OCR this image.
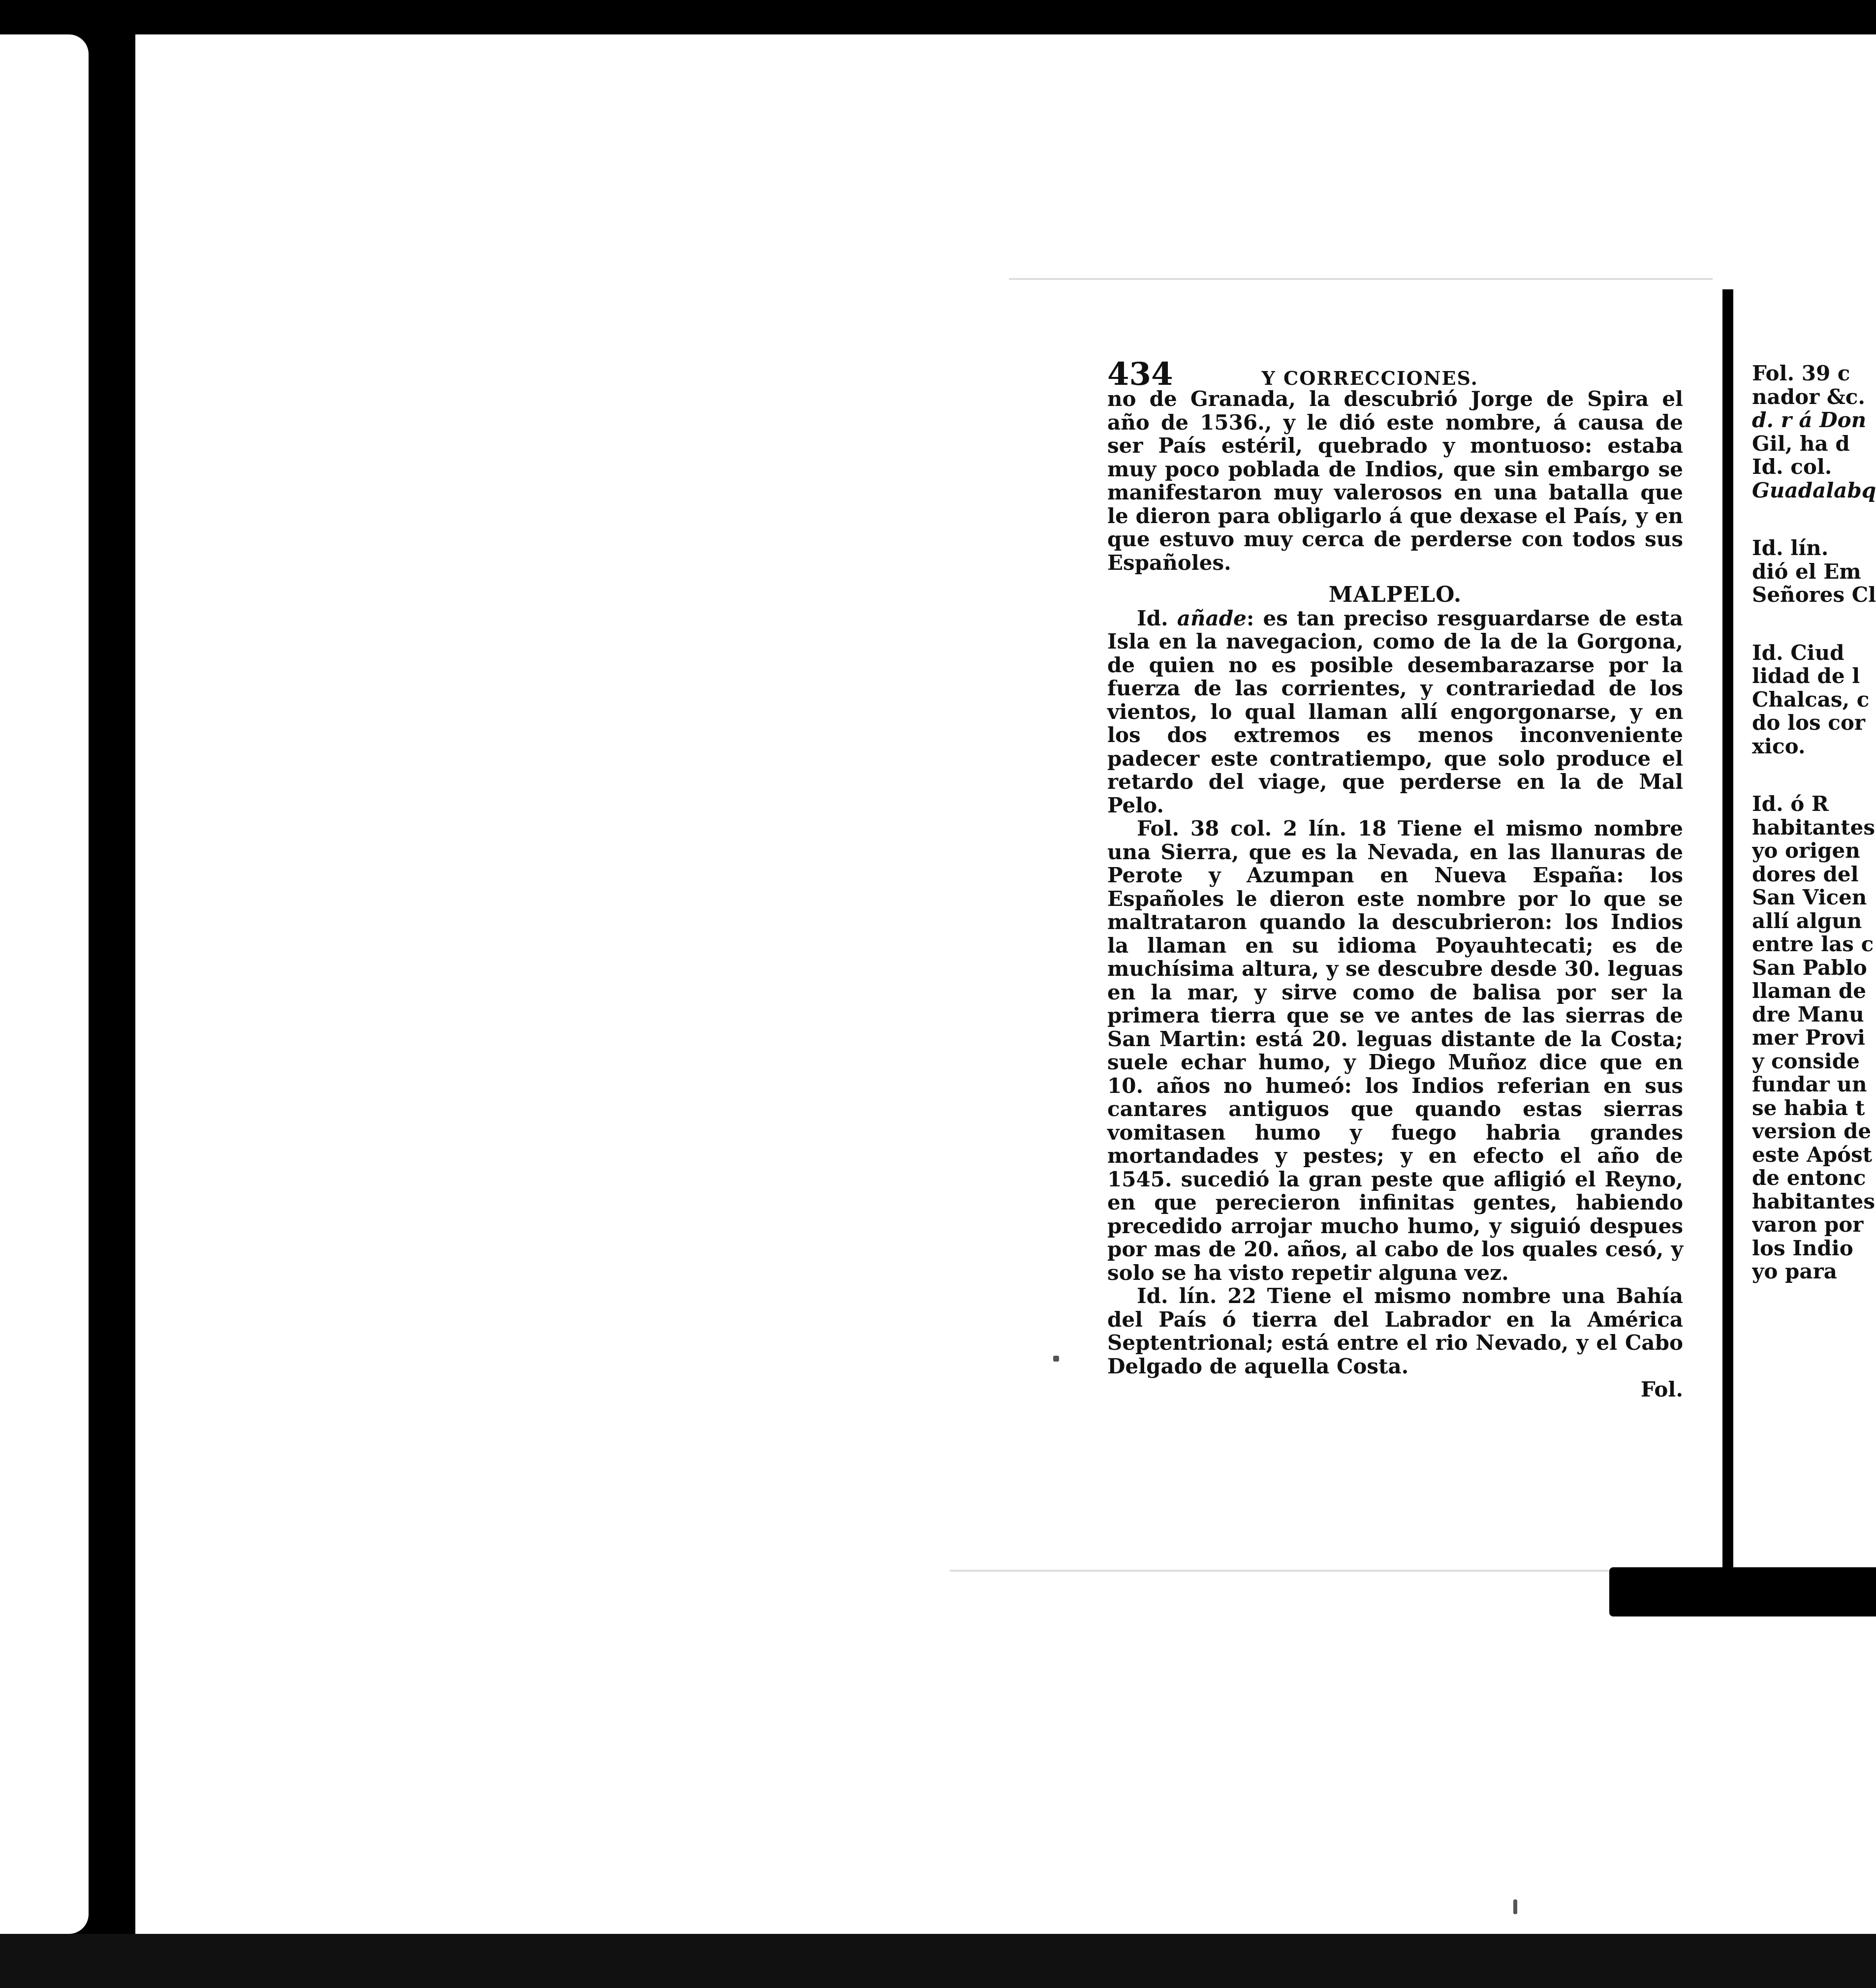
434	Y CORRECCIONES.

no de Granada, la descubrió Jorge de Spira el año de 1536., y le dió este nombre, á causa de ser País estéril, quebrado y montuoso: estaba muy poco poblada de Indios, que sin embargo se manifestaron muy valerosos en una batalla que le dieron para obligarlo á que dexase el País, y en que estuvo muy cerca de perderse con todos sus Españoles.

MALPELO.

Id. añade: es tan preciso resguardarse de esta Isla en la navegacion, como de la de la Gorgona, de quien no es posible desembarazarse por la fuerza de las corrientes, y contrariedad de los vientos, lo qual llaman allí engorgonarse, y en los dos extremos es menos inconveniente padecer este contratiempo, que solo produce el retardo del viage, que perderse en la de Mal Pelo.

Fol. 38 col. 2 lín. 18 Tiene el mismo nombre una Sierra, que es la Nevada, en las llanuras de Perote y Azumpan en Nueva España: los Españoles le dieron este nombre por lo que se maltrataron quando la descubrieron: los Indios la llaman en su idioma Poyauhtecati; es de muchísima altura, y se descubre desde 30. leguas en la mar, y sirve como de balisa por ser la primera tierra que se ve antes de las sierras de San Martin: está 20. leguas distante de la Costa; suele echar humo, y Diego Muñoz dice que en 10. años no humeó: los Indios referian en sus cantares antiguos que quando estas sierras vomitasen humo y fuego habria grandes mortandades y pestes; y en efecto el año de 1545. sucedió la gran peste que afligió el Reyno, en que perecieron infinitas gentes, habiendo precedido arrojar mucho humo, y siguió despues por mas de 20. años, al cabo de los quales cesó, y solo se ha visto repetir alguna vez.

Id. lín. 22 Tiene el mismo nombre una Bahía del País ó tierra del Labrador en la América Septentrional; está entre el rio Nevado, y el Cabo Delgado de aquella Costa.

Fol.

Fol. 39 c
nador &c.
d. r á Don
Gil, ha d
Id. col.
Guadalabq
Id. lín.
dió el Em
Señores Cl
Id. Ciud
lidad de l
Chalcas, c
do los cor
xico.
Id. ó R
habitantes
yo origen
dores del
San Vicen
allí algun
entre las c
San Pablo
llaman de
dre Manu
mer Provi
y conside
fundar un
se habia t
version de
este Apóst
de entonc
habitantes
varon por
los Indio
yo para
